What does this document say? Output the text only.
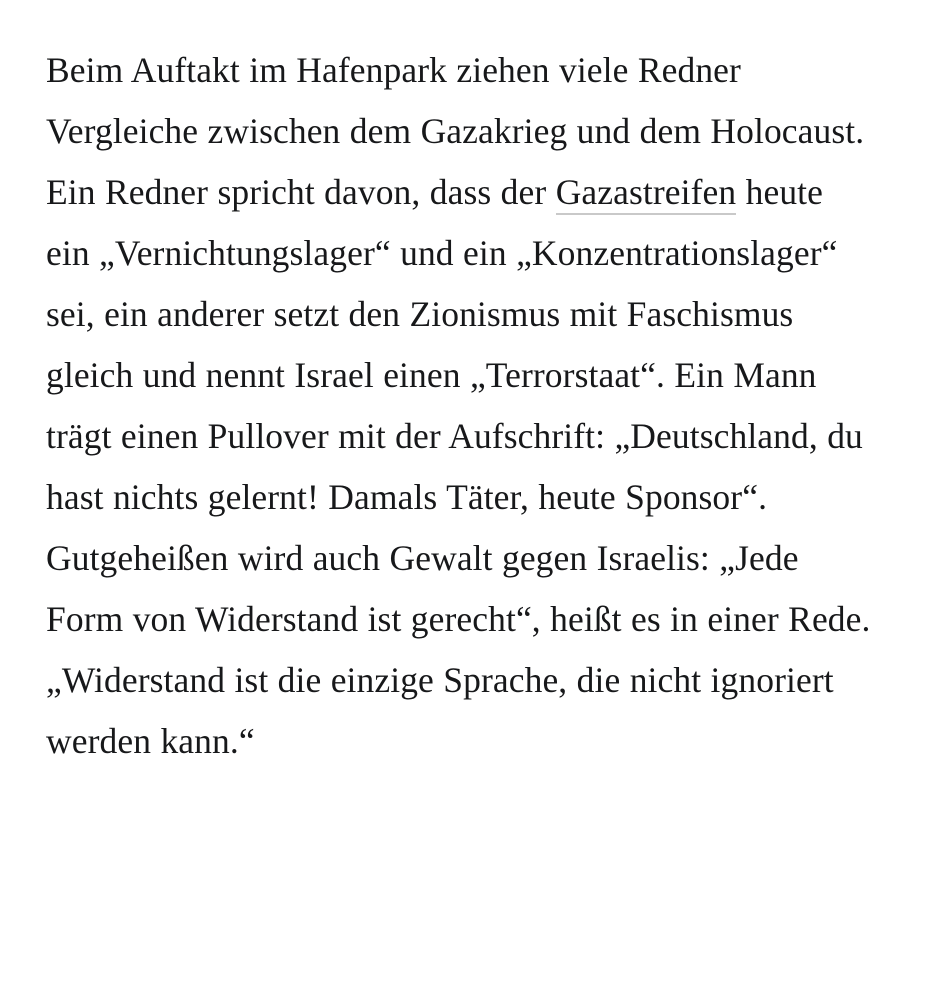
Beim Auftakt im Hafenpark ziehen viele Redner Vergleiche zwischen dem Gazakrieg und dem Holocaust. Ein Redner spricht davon, dass der Gazastreifen heute ein „Vernichtungslager“ und ein „Konzentrationslager“ sei, ein anderer setzt den Zionismus mit Faschismus gleich und nennt Israel einen „Terrorstaat“. Ein Mann trägt einen Pullover mit der Aufschrift: „Deutschland, du hast nichts gelernt! Damals Täter, heute Sponsor“. Gutgeheißen wird auch Gewalt gegen Israelis: „Jede Form von Widerstand ist gerecht“, heißt es in einer Rede. „Widerstand ist die einzige Sprache, die nicht ignoriert werden kann.“
